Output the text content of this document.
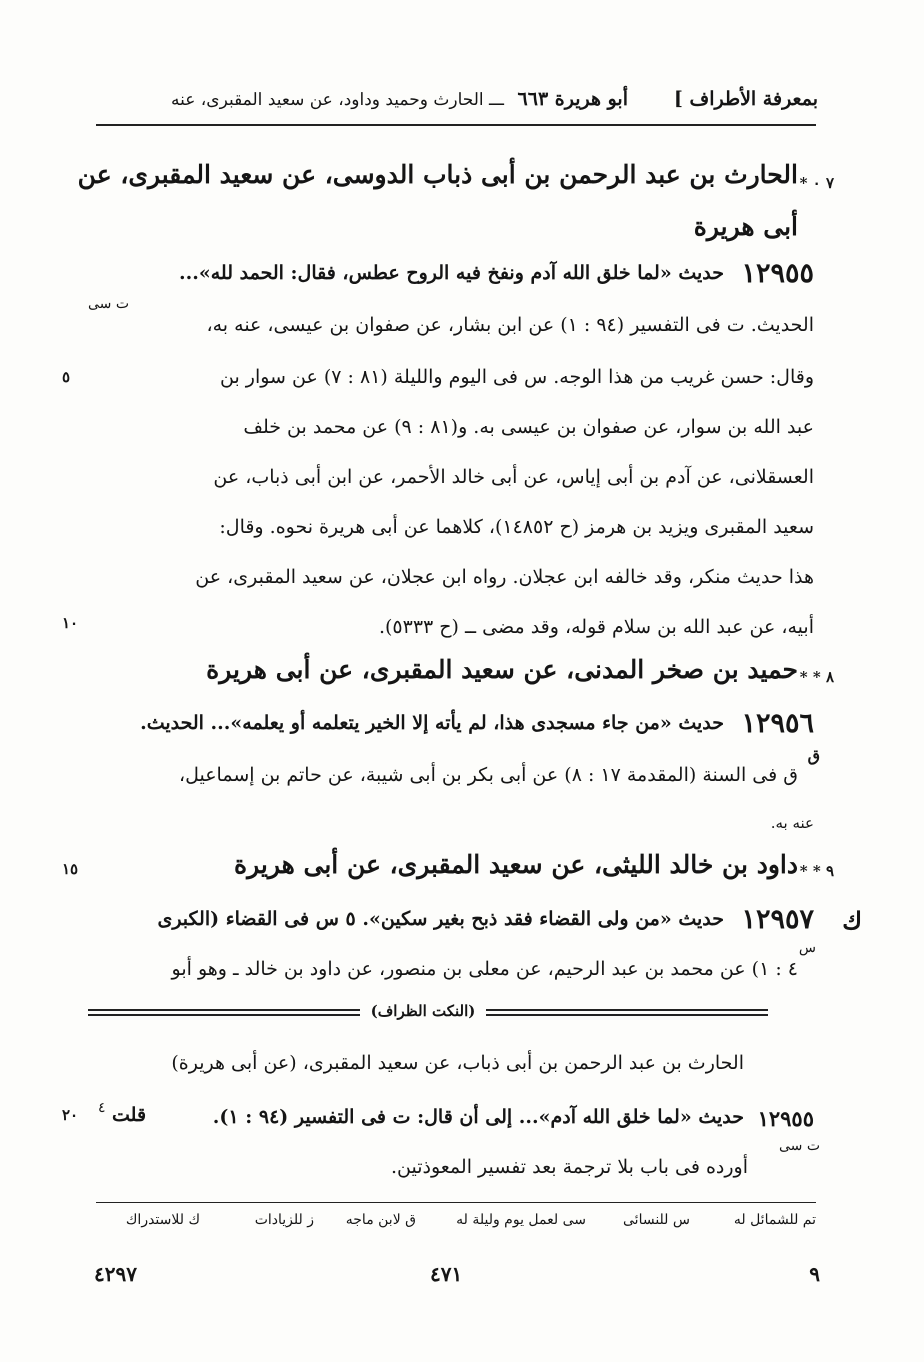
بمعرفة الأطراف ]
أبو هريرة ٦٦٣
ـــ الحارث وحميد وداود، عن سعيد المقبرى، عنه
٧ ٠ *
الحارث بن عبد الرحمن بن أبى ذباب الدوسى، عن سعيد المقبرى، عن
أبى هريرة
١٢٩٥٥
حديث «لما خلق الله آدم ونفخ فيه الروح عطس، فقال: الحمد لله»...
ت سى
الحديث. ت فى التفسير (٩٤ : ١) عن ابن بشار، عن صفوان بن عيسى، عنه به،
وقال: حسن غريب من هذا الوجه. س فى اليوم والليلة (٨١ : ٧) عن سوار بن
عبد الله بن سوار، عن صفوان بن عيسى به. و(٨١ : ٩) عن محمد بن خلف
العسقلانى، عن آدم بن أبى إياس، عن أبى خالد الأحمر، عن ابن أبى ذباب، عن
سعيد المقبرى ويزيد بن هرمز (ح ١٤٨٥٢)، كلاهما عن أبى هريرة نحوه. وقال:
هذا حديث منكر، وقد خالفه ابن عجلان. رواه ابن عجلان، عن سعيد المقبرى، عن
أبيه، عن عبد الله بن سلام قوله، وقد مضى ــ (ح ٥٣٣٣).
٥
١٠
٨ * *
حميد بن صخر المدنى، عن سعيد المقبرى، عن أبى هريرة
١٢٩٥٦
حديث «من جاء مسجدى هذا، لم يأته إلا الخير يتعلمه أو يعلمه»... الحديث.
ق
ق فى السنة (المقدمة ١٧ : ٨) عن أبى بكر بن أبى شيبة، عن حاتم بن إسماعيل،
عنه به.
١٥	٩ * *
داود بن خالد الليثى، عن سعيد المقبرى، عن أبى هريرة
ك
١٢٩٥٧
حديث «من ولى القضاء فقد ذبح بغير سكين». ٥ س فى القضاء (الكبرى
س
٤ : ١) عن محمد بن عبد الرحيم، عن معلى بن منصور، عن داود بن خالد ـ وهو أبو
(النكت الظراف)
الحارث بن عبد الرحمن بن أبى ذباب، عن سعيد المقبرى، (عن أبى هريرة)
٢٠ قلت
٤	١٢٩٥٥
حديث «لما خلق الله آدم»... إلى أن قال: ت فى التفسير (٩٤ : ١).
ت سى
أورده فى باب بلا ترجمة بعد تفسير المعوذتين.
تم للشمائل له
س للنسائى
سى لعمل يوم وليلة له
ق لابن ماجه
ز للزيادات
ك للاستدراك
٤٢٩٧	٤٧١	٩
